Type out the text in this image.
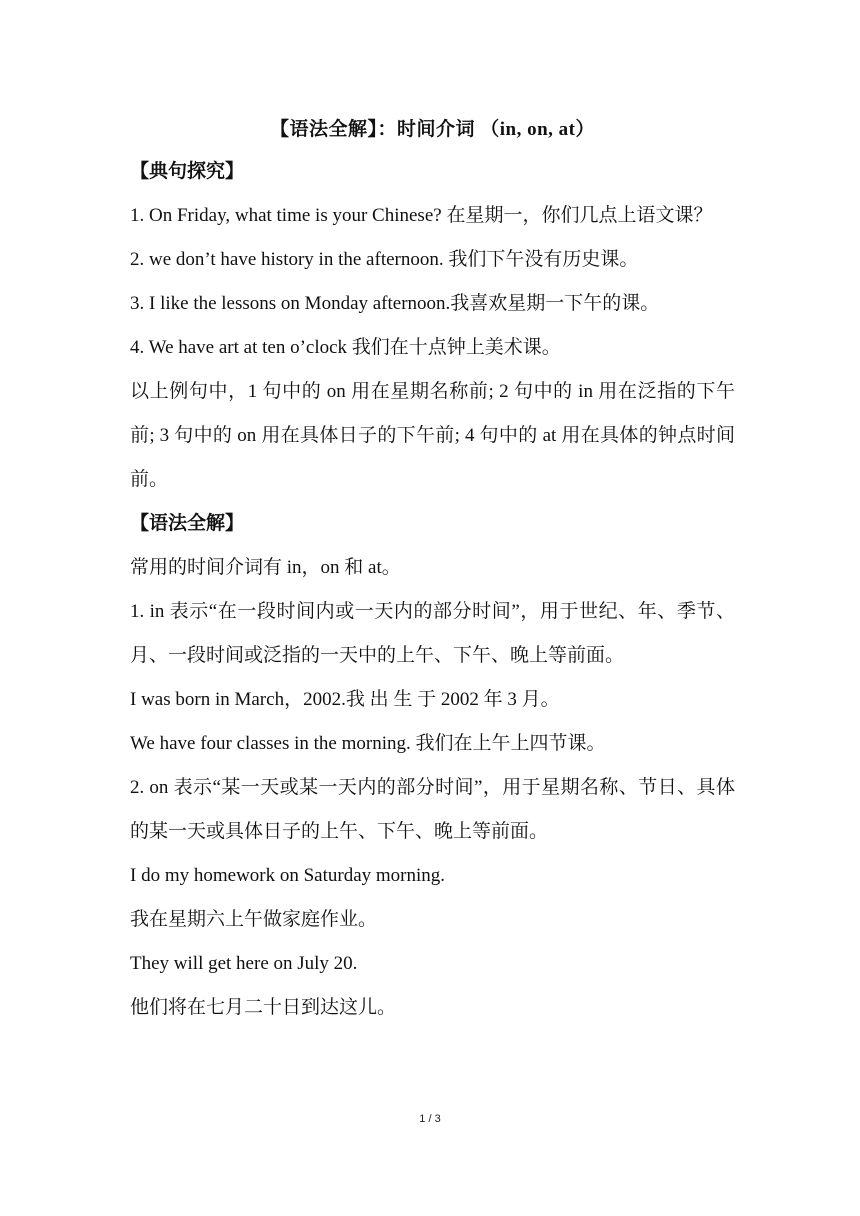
【语法全解】：时间介词 （in, on, at）

【典句探究】

1. On Friday, what time is your Chinese? 在星期一，你们几点上语文课？

2. we don’t have history in the afternoon. 我们下午没有历史课。

3. I like the lessons on Monday afternoon.我喜欢星期一下午的课。

4. We have art at ten o’clock 我们在十点钟上美术课。

以上例句中，1 句中的 on 用在星期名称前; 2 句中的 in 用在泛指的下午前; 3 句中的 on 用在具体日子的下午前; 4 句中的 at 用在具体的钟点时间前。

【语法全解】

常用的时间介词有 in，on 和 at。

1. in 表示“在一段时间内或一天内的部分时间”，用于世纪、年、季节、月、一段时间或泛指的一天中的上午、下午、晚上等前面。

I was born in March，2002.我 出 生 于 2002 年 3 月。

We have four classes in the morning. 我们在上午上四节课。

2. on 表示“某一天或某一天内的部分时间”，用于星期名称、节日、具体的某一天或具体日子的上午、下午、晚上等前面。

I do my homework on Saturday morning.

我在星期六上午做家庭作业。

They will get here on July 20.

他们将在七月二十日到达这儿。

1 / 3
